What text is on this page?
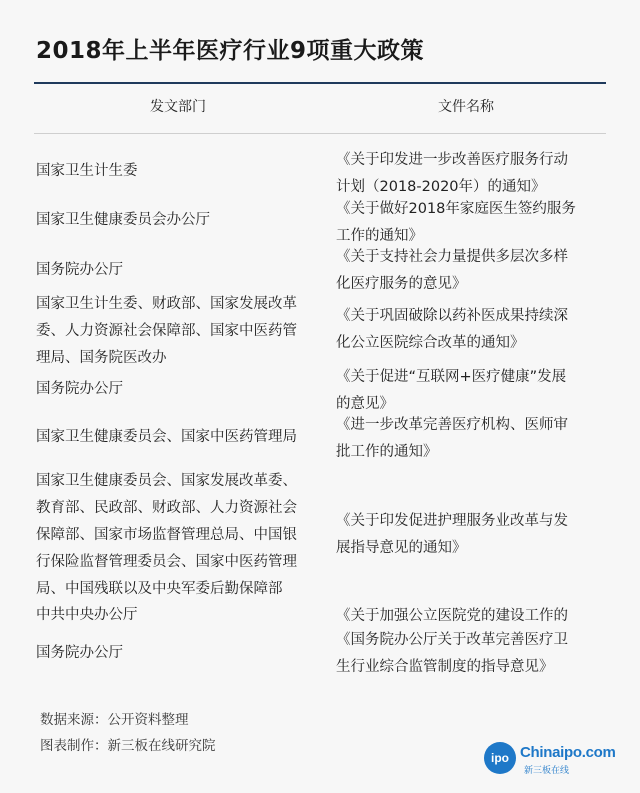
2018年上半年医疗行业9项重大政策
发文部门	文件名称
国家卫生计生委
国家卫生健康委员会办公厅
国务院办公厅
国家卫生计生委、财政部、国家发展改革
委、人力资源社会保障部、国家中医药管
理局、国务院医改办
国务院办公厅
国家卫生健康委员会、国家中医药管理局
国家卫生健康委员会、国家发展改革委、
教育部、民政部、财政部、人力资源社会
保障部、国家市场监督管理总局、中国银
行保险监督管理委员会、国家中医药管理
局、中国残联以及中央军委后勤保障部
中共中央办公厅
国务院办公厅
《关于印发进一步改善医疗服务行动
计划（2018-2020年）的通知》
《关于做好2018年家庭医生签约服务
工作的通知》
《关于支持社会力量提供多层次多样
化医疗服务的意见》
《关于巩固破除以药补医成果持续深
化公立医院综合改革的通知》
《关于促进“互联网+医疗健康”发展
的意见》
《进一步改革完善医疗机构、医师审
批工作的通知》
《关于印发促进护理服务业改革与发
展指导意见的通知》
《关于加强公立医院党的建设工作的
《国务院办公厅关于改革完善医疗卫
生行业综合监管制度的指导意见》
数据来源：公开资料整理
图表制作：新三板在线研究院
ipo Chinaipo.com
新三板在线
